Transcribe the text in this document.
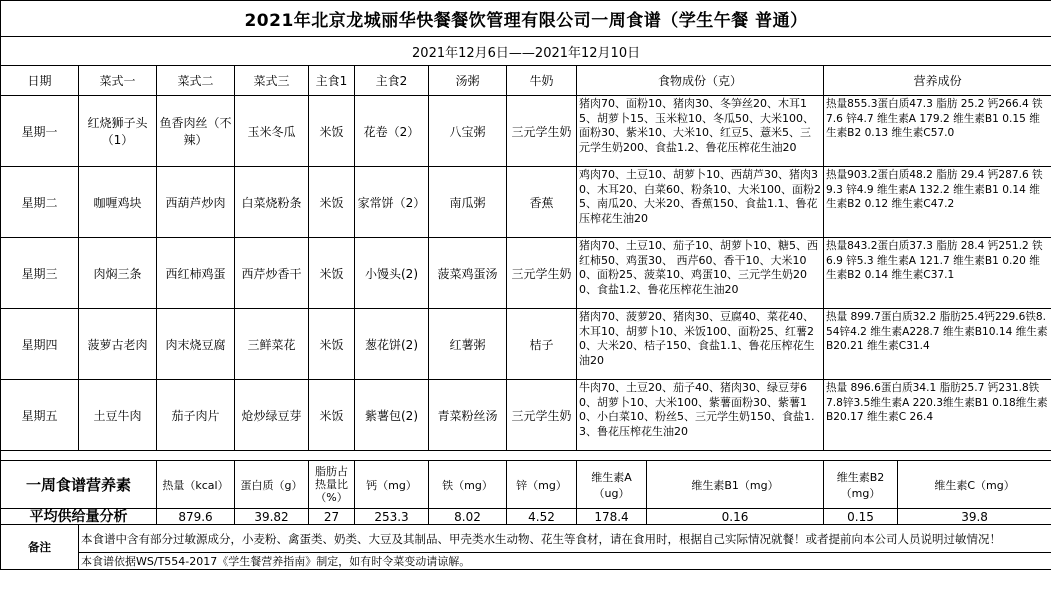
2021年北京龙城丽华快餐餐饮管理有限公司一周食谱（学生午餐 普通）											
2021年12月6日——2021年12月10日											
日期	菜式一	菜式二	菜式三	主食1	主食2	汤粥	牛奶	食物成份（克）		营养成份	
星期一	红烧狮子头（1）	鱼香肉丝（不辣）	玉米冬瓜	米饭	花卷（2）	八宝粥	三元学生奶	猪肉70、面粉10、猪肉30、冬笋丝20、木耳15、胡萝卜15、玉米粒10、冬瓜50、大米100、面粉30、紫米10、大米10、红豆5、薏米5、三元学生奶200、食盐1.2、鲁花压榨花生油20		热量855.3蛋白质47.3 脂肪 25.2 钙266.4 铁7.6 锌4.7 维生素A 179.2 维生素B1 0.15 维生素B2 0.13 维生素C57.0	
星期二	咖喱鸡块	西葫芦炒肉	白菜烧粉条	米饭	家常饼（2）	南瓜粥	香蕉	鸡肉70、土豆10、胡萝卜10、西葫芦30、猪肉30、木耳20、白菜60、粉条10、大米100、面粉25、南瓜20、大米20、香蕉150、食盐1.1、鲁花压榨花生油20		热量903.2蛋白质48.2 脂肪 29.4 钙287.6 铁9.3 锌4.9 维生素A 132.2 维生素B1 0.14 维生素B2 0.12 维生素C47.2	
星期三	肉焖三条	西红柿鸡蛋	西芹炒香干	米饭	小馒头(2)	菠菜鸡蛋汤	三元学生奶	猪肉70、土豆10、茄子10、胡萝卜10、糖5、西红柿50、鸡蛋30、 西芹60、香干10、大米100、面粉25、菠菜10、鸡蛋10、三元学生奶200、食盐1.2、鲁花压榨花生油20		热量843.2蛋白质37.3 脂肪 28.4 钙251.2 铁6.9 锌5.3 维生素A 121.7 维生素B1 0.20 维生素B2 0.14 维生素C37.1	
星期四	菠萝古老肉	肉末烧豆腐	三鲜菜花	米饭	葱花饼(2)	红薯粥	桔子	猪肉70、菠萝20、猪肉30、豆腐40、菜花40、木耳10、胡萝卜10、米饭100、面粉25、红薯20、大米20、桔子150、食盐1.1、鲁花压榨花生油20		热量 899.7蛋白质32.2 脂肪25.4钙229.6铁8.54锌4.2 维生素A228.7 维生素B10.14 维生素B20.21 维生素C31.4	
星期五	土豆牛肉	茄子肉片	炝炒绿豆芽	米饭	紫薯包(2)	青菜粉丝汤	三元学生奶	牛肉70、土豆20、茄子40、猪肉30、绿豆芽60、胡萝卜10、大米100、紫薯面粉30、紫薯10、小白菜10、粉丝5、三元学生奶150、食盐1.3、鲁花压榨花生油20		热量 896.6蛋白质34.1 脂肪25.7 钙231.8铁7.8锌3.5维生素A 220.3维生素B1 0.18维生素B20.17 维生素C 26.4	

一周食谱营养素		热量（kcal）	蛋白质（g）	脂肪占热量比（%）	钙（mg）	铁（mg）	锌（mg）	维生素A（ug）	维生素B1（mg）	维生素B2（mg）	维生素C（mg）
平均供给量分析		879.6	39.82	27	253.3	8.02	4.52	178.4	0.16	0.15	39.8
备注	本食谱中含有部分过敏源成分，小麦粉、禽蛋类、奶类、大豆及其制品、甲壳类水生动物、花生等食材，请在食用时，根据自己实际情况就餐！或者提前向本公司人员说明过敏情况！										
	本食谱依据WS/T554-2017《学生餐营养指南》制定，如有时令菜变动请谅解。										
